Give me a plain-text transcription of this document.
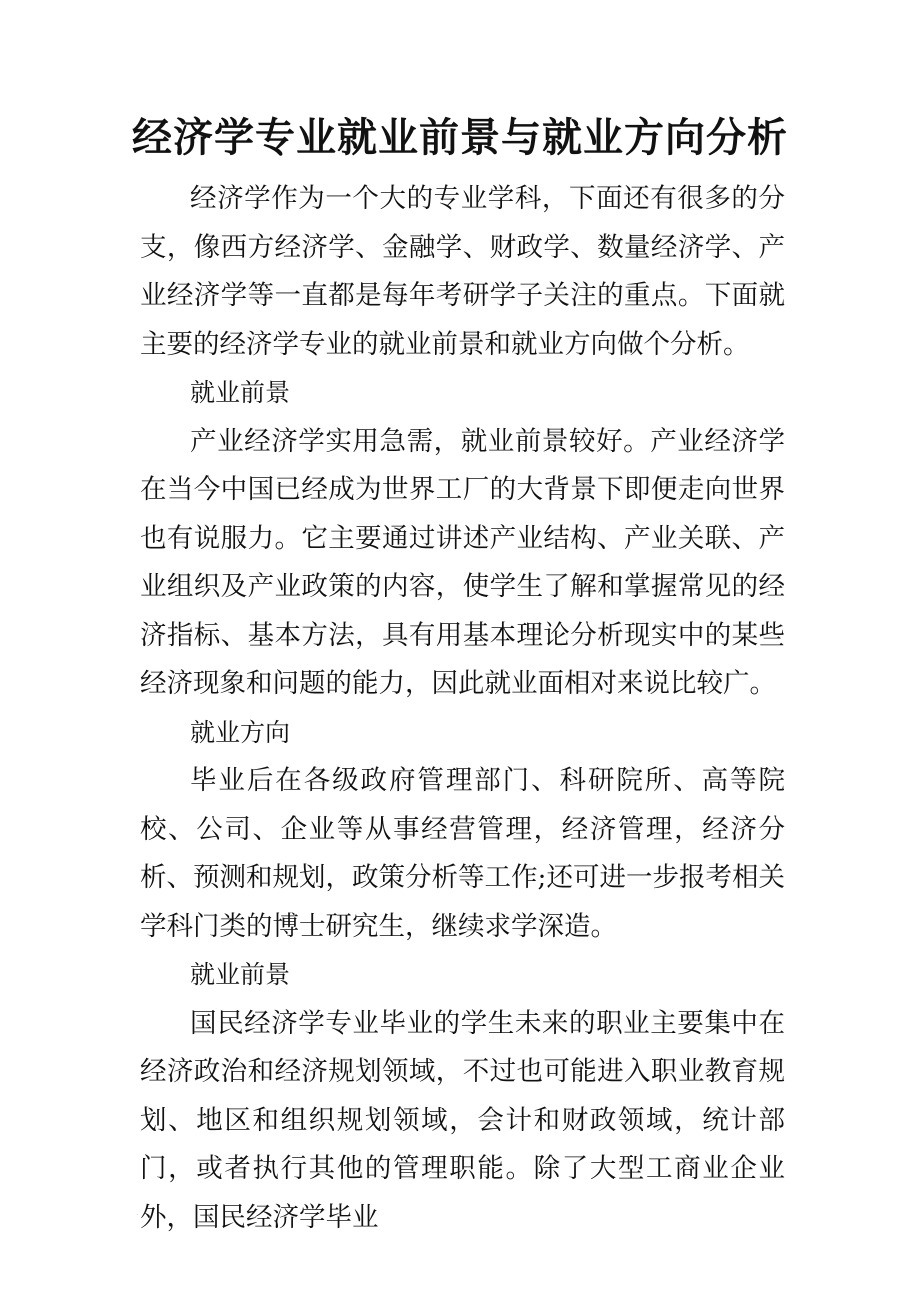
经济学专业就业前景与就业方向分析

经济学作为一个大的专业学科，下面还有很多的分支，像西方经济学、金融学、财政学、数量经济学、产业经济学等一直都是每年考研学子关注的重点。下面就主要的经济学专业的就业前景和就业方向做个分析。

就业前景

产业经济学实用急需，就业前景较好。产业经济学在当今中国已经成为世界工厂的大背景下即便走向世界也有说服力。它主要通过讲述产业结构、产业关联、产业组织及产业政策的内容，使学生了解和掌握常见的经济指标、基本方法，具有用基本理论分析现实中的某些经济现象和问题的能力，因此就业面相对来说比较广。

就业方向

毕业后在各级政府管理部门、科研院所、高等院校、公司、企业等从事经营管理，经济管理，经济分析、预测和规划，政策分析等工作;还可进一步报考相关学科门类的博士研究生，继续求学深造。

就业前景

国民经济学专业毕业的学生未来的职业主要集中在经济政治和经济规划领域，不过也可能进入职业教育规划、地区和组织规划领域，会计和财政领域，统计部门，或者执行其他的管理职能。除了大型工商业企业外，国民经济学毕业

.
